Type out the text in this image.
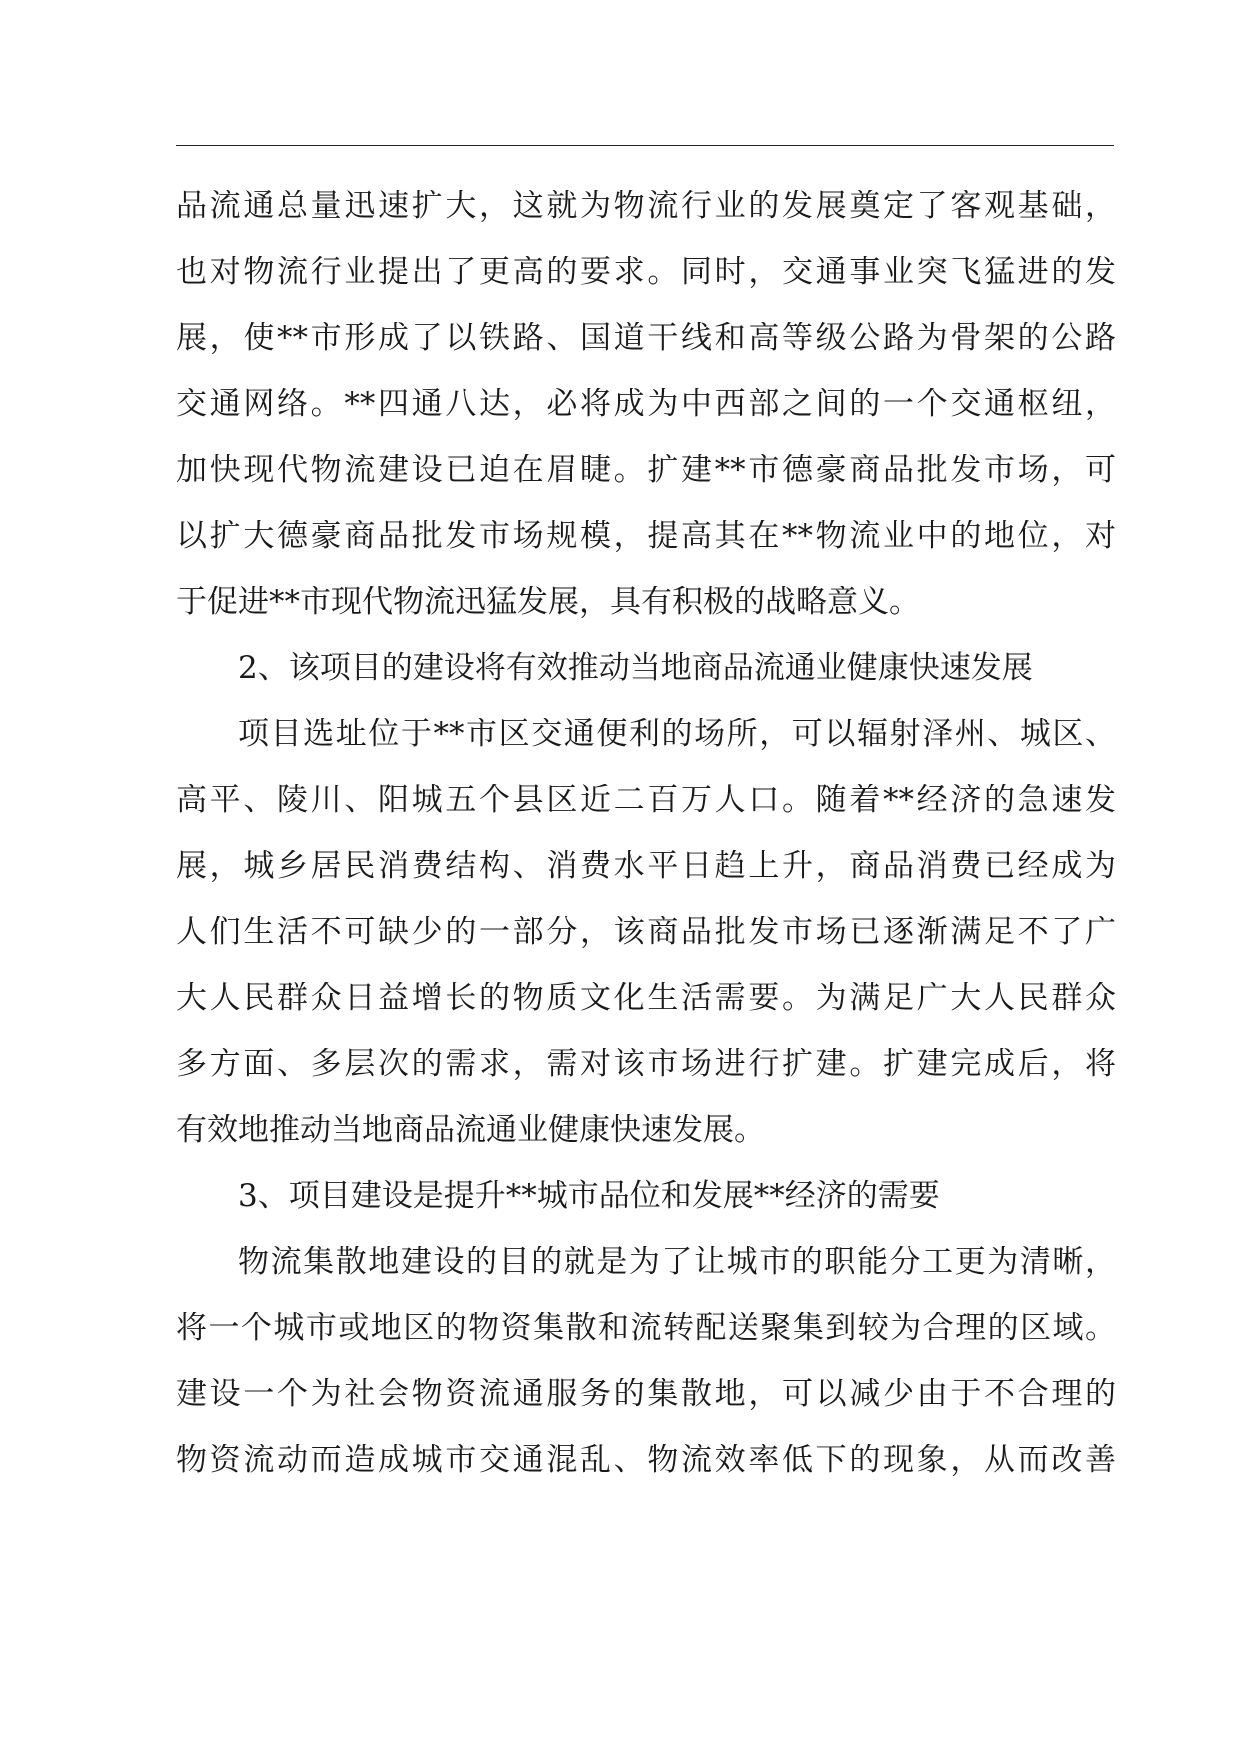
品流通总量迅速扩大，这就为物流行业的发展奠定了客观基础，
也对物流行业提出了更高的要求。同时，交通事业突飞猛进的发
展，使**市形成了以铁路、国道干线和高等级公路为骨架的公路
交通网络。**四通八达，必将成为中西部之间的一个交通枢纽，
加快现代物流建设已迫在眉睫。扩建**市德豪商品批发市场，可
以扩大德豪商品批发市场规模，提高其在**物流业中的地位，对
于促进**市现代物流迅猛发展，具有积极的战略意义。
2、该项目的建设将有效推动当地商品流通业健康快速发展
项目选址位于**市区交通便利的场所，可以辐射泽州、城区、
高平、陵川、阳城五个县区近二百万人口。随着**经济的急速发
展，城乡居民消费结构、消费水平日趋上升，商品消费已经成为
人们生活不可缺少的一部分，该商品批发市场已逐渐满足不了广
大人民群众日益增长的物质文化生活需要。为满足广大人民群众
多方面、多层次的需求，需对该市场进行扩建。扩建完成后，将
有效地推动当地商品流通业健康快速发展。
3、项目建设是提升**城市品位和发展**经济的需要
物流集散地建设的目的就是为了让城市的职能分工更为清晰，
将一个城市或地区的物资集散和流转配送聚集到较为合理的区域。
建设一个为社会物资流通服务的集散地，可以减少由于不合理的
物资流动而造成城市交通混乱、物流效率低下的现象，从而改善
